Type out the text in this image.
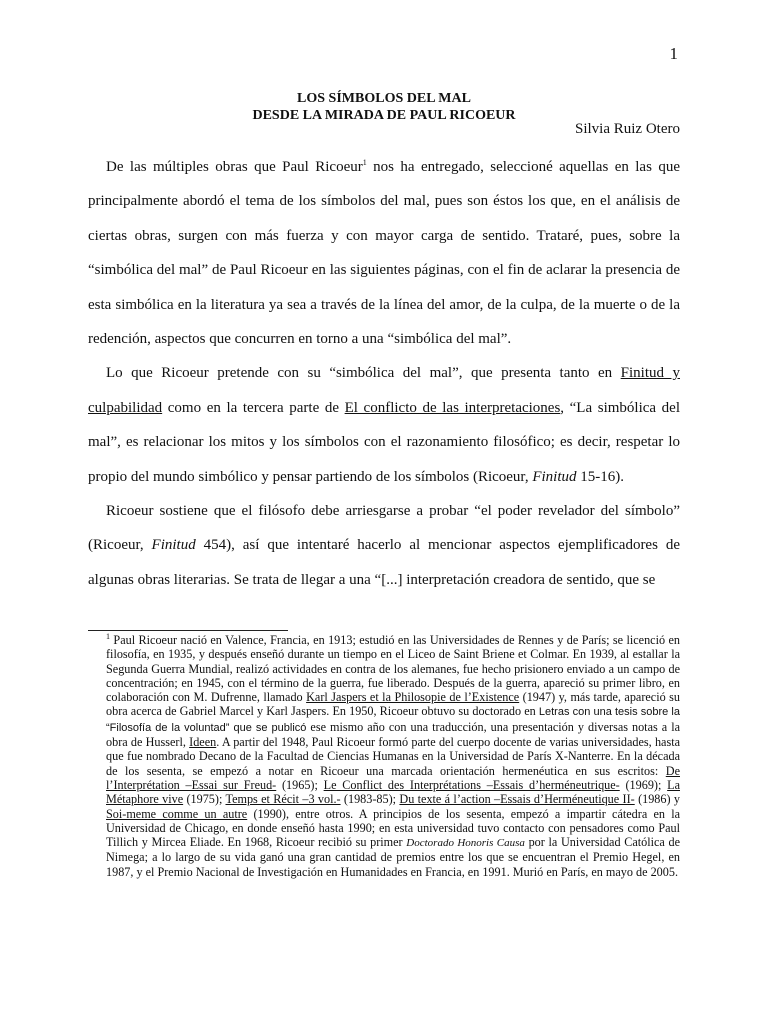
1
LOS SÍMBOLOS DEL MAL
DESDE LA MIRADA DE PAUL RICOEUR
Silvia Ruiz Otero

De las múltiples obras que Paul Ricoeur$^1$ nos ha entregado, seleccioné aquellas en las que principalmente abordó el tema de los símbolos del mal, pues son éstos los que, en el análisis de ciertas obras, surgen con más fuerza y con mayor carga de sentido. Trataré, pues, sobre la “simbólica del mal” de Paul Ricoeur en las siguientes páginas, con el fin de aclarar la presencia de esta simbólica en la literatura ya sea a través de la línea del amor, de la culpa, de la muerte o de la redención, aspectos que concurren en torno a una “simbólica del mal”.

Lo que Ricoeur pretende con su “simbólica del mal”, que presenta tanto en Finitud y culpabilidad como en la tercera parte de El conflicto de las interpretaciones, “La simbólica del mal”, es relacionar los mitos y los símbolos con el razonamiento filosófico; es decir, respetar lo propio del mundo simbólico y pensar partiendo de los símbolos (Ricoeur, Finitud 15-16).

Ricoeur sostiene que el filósofo debe arriesgarse a probar “el poder revelador del símbolo” (Ricoeur, Finitud 454), así que intentaré hacerlo al mencionar aspectos ejemplificadores de algunas obras literarias. Se trata de llegar a una “[...] interpretación creadora de sentido, que se

$^1$ Paul Ricoeur nació en Valence, Francia, en 1913; estudió en las Universidades de Rennes y de París; se licenció en filosofía, en 1935, y después enseñó durante un tiempo en el Liceo de Saint Briene et Colmar. En 1939, al estallar la Segunda Guerra Mundial, realizó actividades en contra de los alemanes, fue hecho prisionero enviado a un campo de concentración; en 1945, con el término de la guerra, fue liberado. Después de la guerra, apareció su primer libro, en colaboración con M. Dufrenne, llamado Karl Jaspers et la Philosopie de l’Existence (1947) y, más tarde, apareció su obra acerca de Gabriel Marcel y Karl Jaspers. En 1950, Ricoeur obtuvo su doctorado en Letras con una tesis sobre la “Filosofía de la voluntad” que se publicó ese mismo año con una traducción, una presentación y diversas notas a la obra de Husserl, Ideen. A partir del 1948, Paul Ricoeur formó parte del cuerpo docente de varias universidades, hasta que fue nombrado Decano de la Facultad de Ciencias Humanas en la Universidad de París X-Nanterre. En la década de los sesenta, se empezó a notar en Ricoeur una marcada orientación hermenéutica en sus escritos: De l’Interprétation –Essai sur Freud- (1965); Le Conflict des Interprétations –Essais d’herméneutrique- (1969); La Métaphore vive (1975); Temps et Récit –3 vol.- (1983-85); Du texte á l’action –Essais d’Herméneutique II- (1986) y Soi-meme comme un autre (1990), entre otros. A principios de los sesenta, empezó a impartir cátedra en la Universidad de Chicago, en donde enseñó hasta 1990; en esta universidad tuvo contacto con pensadores como Paul Tillich y Mircea Eliade. En 1968, Ricoeur recibió su primer Doctorado Honoris Causa por la Universidad Católica de Nimega; a lo largo de su vida ganó una gran cantidad de premios entre los que se encuentran el Premio Hegel, en 1987, y el Premio Nacional de Investigación en Humanidades en Francia, en 1991. Murió en París, en mayo de 2005.
